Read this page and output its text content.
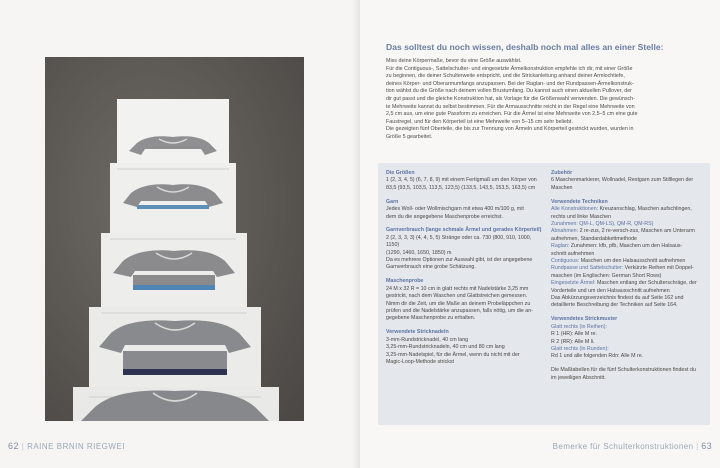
62 | RAINE BRNIN RIEGWEI
Das solltest du noch wissen, deshalb noch mal alles an einer Stelle:

Miss deine Körpermaße, bevor du eine Größe auswählst.

Für die Contiguous-, Sattelschulter- und eingesetzte Ärmelkonstruktion empfehle ich dir, mit einer Größe

zu beginnen, die deiner Schulterweite entspricht, und die Strickanleitung anhand deiner Armlochtiefe,

deines Körper- und Oberarmumfangs anzupassen. Bei der Raglan- und der Rundpassen-Ärmelkonstruk-

tion wählst du die Größe nach deinem vollen Brustumfang. Du kannst auch einen aktuellen Pullover, der

dir gut passt und die gleiche Konstruktion hat, als Vorlage für die Größenwahl verwenden. Die gewünsch-

te Mehrweite kannst du selbst bestimmen. Für die Armausschnitte reicht in der Regel eine Mehrweite von

2,5 cm aus, um eine gute Passform zu erreichen. Für die Ärmel ist eine Mehrweite von 2,5–5 cm eine gute

Faustregel, und für den Körperteil ist eine Mehrweite von 5–15 cm sehr beliebt.

Die gezeigten fünf Oberteile, die bis zur Trennung von Ärmeln und Körperteil gestrickt wurden, wurden in

Größe 5 gearbeitet.

Die Größen
1 (2, 3, 4, 5) (6, 7, 8, 9) mit einem Fertigmaß um den Körper von
83,5 (93,5, 103,5, 113,5, 123,5) (133,5, 143,5, 153,5, 163,5) cm
Garn
Jedes Woll- oder Wollmischgarn mit etwa 400 m/100 g, mit
dem du die angegebene Maschenprobe erreichst.
Garnverbrauch (lange schmale Ärmel und gerades Körperteil)
2 (2, 3, 3, 3) (4, 4, 5, 5) Stränge oder ca. 730 (800, 910, 1000, 1150)
(1290, 1460, 1650, 1850) m
Da es mehrere Optionen zur Auswahl gibt, ist der angegebene
Garnverbrauch eine grobe Schätzung.
Maschenprobe
24 M x 32 R = 10 cm in glatt rechts mit Nadelstärke 3,25 mm
gestrickt, nach dem Waschen und Glattstreichen gemessen.
Nimm dir die Zeit, um die Maße an deinem Probeläppchen zu
prüfen und die Nadelstärke anzupassen, falls nötig, um die an-
gegebene Maschenprobe zu erhalten.
Verwendete Stricknadeln
3-mm-Rundstricknadel, 40 cm lang
3,25-mm-Rundstricknadeln, 40 cm und 80 cm lang
3,25-mm-Nadelspiel, für die Ärmel, wenn du nicht mit der
Magic-Loop-Methode strickst
Zubehör
6 Maschenmarkierer, Wollnadel, Restgarn zum Stilllegen der
Maschen
Verwendete Techniken
Alle Konstruktionen: Kreuzanschlag, Maschen aufschlingen,
rechts und linke Maschen
Zunahmen: QM-L, QM-LS), QM-R, QM-RS)
Abnahmen: 2 re-zus, 2 re-versch-zus, Maschen am Unterarm
aufnehmen, Standardabkettmethode
Raglan: Zunahmen: kfb, pfb, Maschen um den Halsaus-
schnitt aufnehmen
Contiguous: Maschen um den Halsausschnitt aufnehmen
Rundpasse und Sattelschulter: Verkürzte Reihen mit Doppel-
maschen (im Englischen: German Short Rows)
Eingesetzte Ärmel: Maschen entlang der Schulterschräge, der
Vorderteile und um den Halsausschnitt aufnehmen
Das Abkürzungsverzeichnis findest du auf Seite 162 und
detaillierte Beschreibung der Techniken auf Seite 164.
Verwendetes Strickmuster
Glatt rechts (in Reihen):
R 1 (HR): Alle M re.
R 2 (RR): Alle M li.
Glatt rechts (in Runden):
Rd 1 und alle folgenden Rdn: Alle M re.
Die Maßtabellen für die fünf Schulterkonstruktionen findest du
im jeweiligen Abschnitt.
Bemerke für Schulterkonstruktionen | 63
